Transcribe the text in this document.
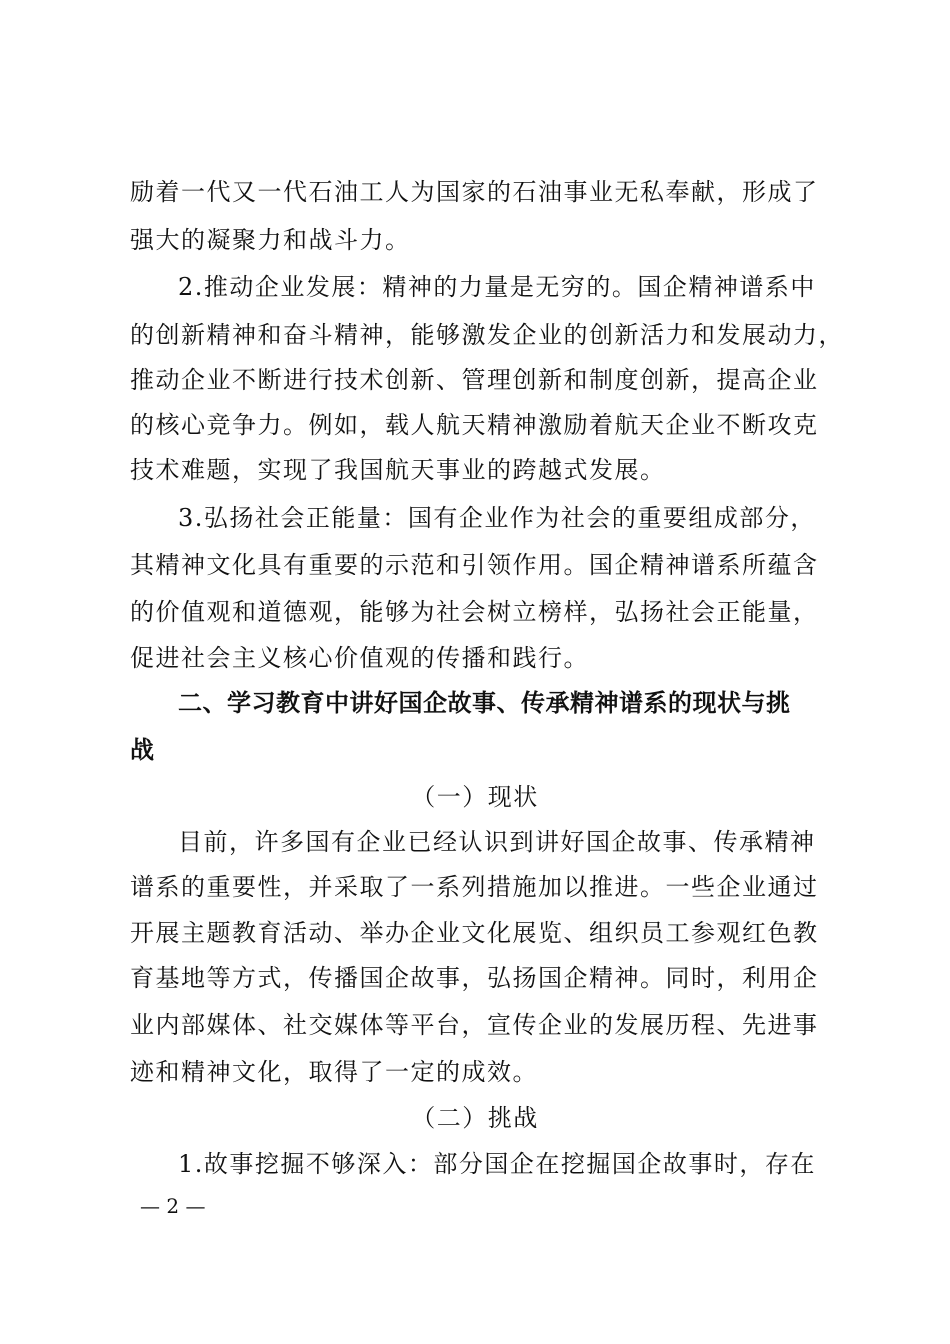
励着一代又一代石油工人为国家的石油事业无私奉献，形成了
强大的凝聚力和战斗力。
2.推动企业发展：精神的力量是无穷的。国企精神谱系中
的创新精神和奋斗精神，能够激发企业的创新活力和发展动力，
推动企业不断进行技术创新、管理创新和制度创新，提高企业
的核心竞争力。例如，载人航天精神激励着航天企业不断攻克
技术难题，实现了我国航天事业的跨越式发展。
3.弘扬社会正能量：国有企业作为社会的重要组成部分，
其精神文化具有重要的示范和引领作用。国企精神谱系所蕴含
的价值观和道德观，能够为社会树立榜样，弘扬社会正能量，
促进社会主义核心价值观的传播和践行。
二、学习教育中讲好国企故事、传承精神谱系的现状与挑
战
（一）现状
目前，许多国有企业已经认识到讲好国企故事、传承精神
谱系的重要性，并采取了一系列措施加以推进。一些企业通过
开展主题教育活动、举办企业文化展览、组织员工参观红色教
育基地等方式，传播国企故事，弘扬国企精神。同时，利用企
业内部媒体、社交媒体等平台，宣传企业的发展历程、先进事
迹和精神文化，取得了一定的成效。
（二）挑战
1.故事挖掘不够深入：部分国企在挖掘国企故事时，存在
— 2 —
